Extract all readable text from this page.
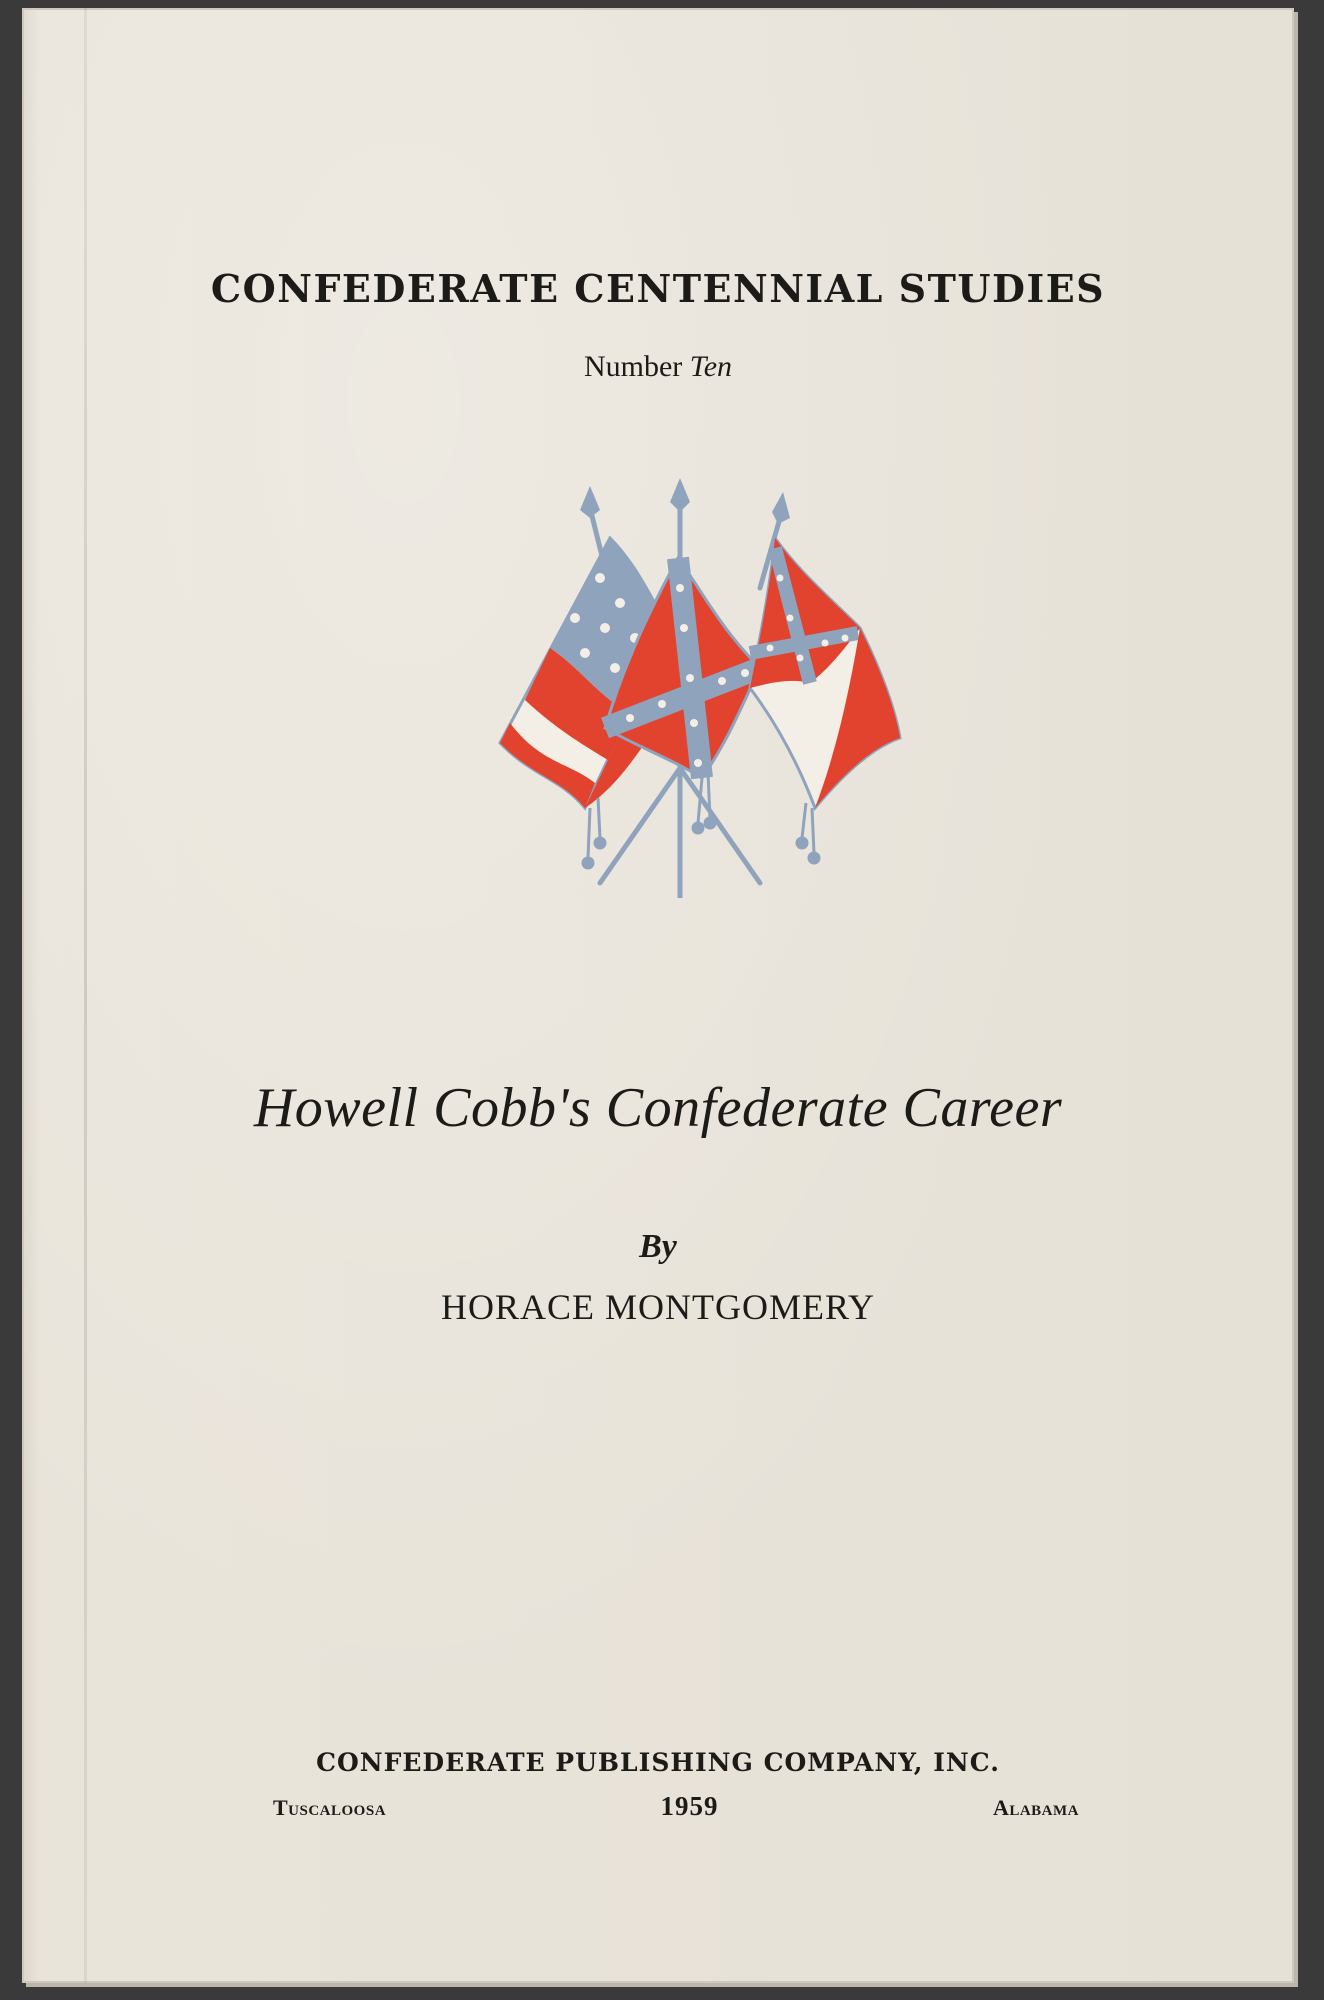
CONFEDERATE CENTENNIAL STUDIES
Number Ten
Howell Cobb's Confederate Career
By
HORACE MONTGOMERY
CONFEDERATE PUBLISHING COMPANY, INC.
Tuscaloosa	1959	Alabama
